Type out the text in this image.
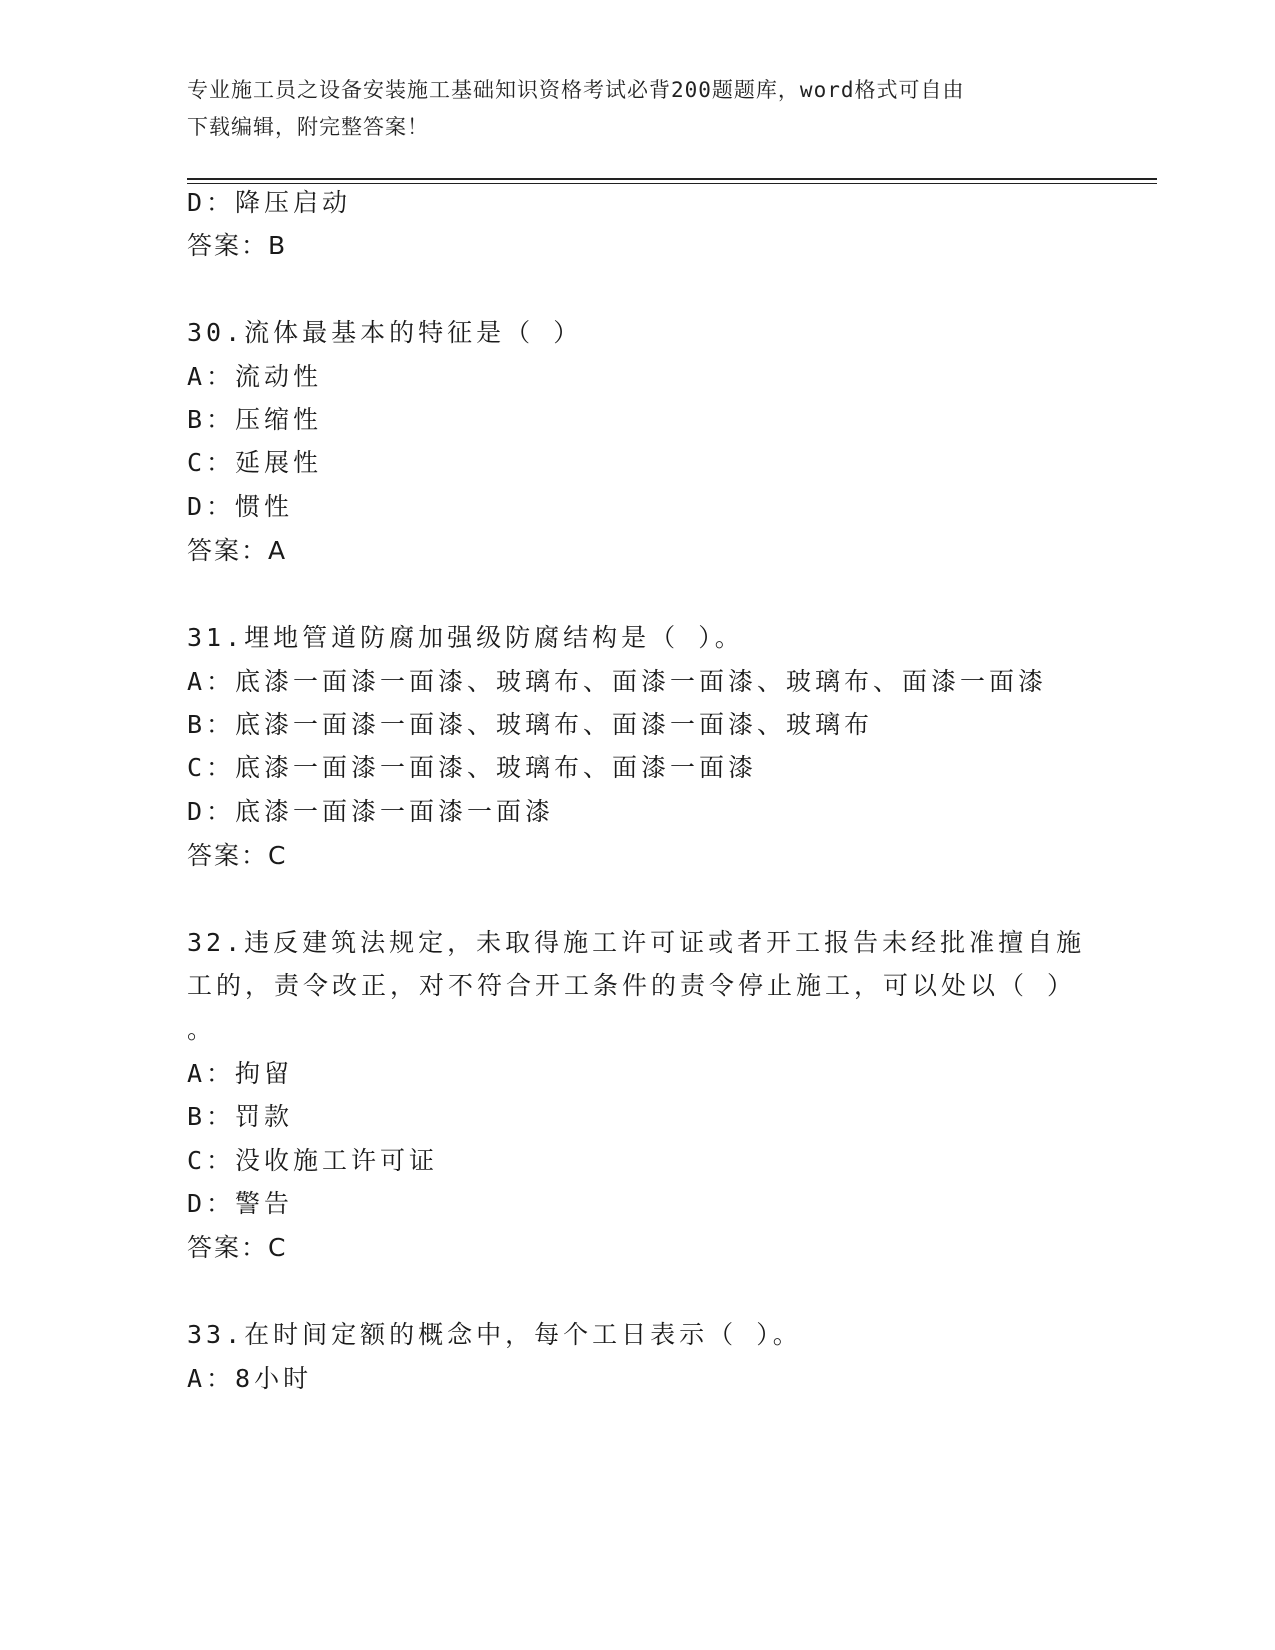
专业施工员之设备安装施工基础知识资格考试必背200题题库，word格式可自由
下载编辑，附完整答案！
D：降压启动
答案：B
30.流体最基本的特征是（ ）
A：流动性
B：压缩性
C：延展性
D：惯性
答案：A
31.埋地管道防腐加强级防腐结构是（ ）。
A：底漆一面漆一面漆、玻璃布、面漆一面漆、玻璃布、面漆一面漆
B：底漆一面漆一面漆、玻璃布、面漆一面漆、玻璃布
C：底漆一面漆一面漆、玻璃布、面漆一面漆
D：底漆一面漆一面漆一面漆
答案：C
32.违反建筑法规定，未取得施工许可证或者开工报告未经批准擅自施
工的，责令改正，对不符合开工条件的责令停止施工，可以处以（ ）
。
A：拘留
B：罚款
C：没收施工许可证
D：警告
答案：C
33.在时间定额的概念中，每个工日表示（ ）。
A：8小时
